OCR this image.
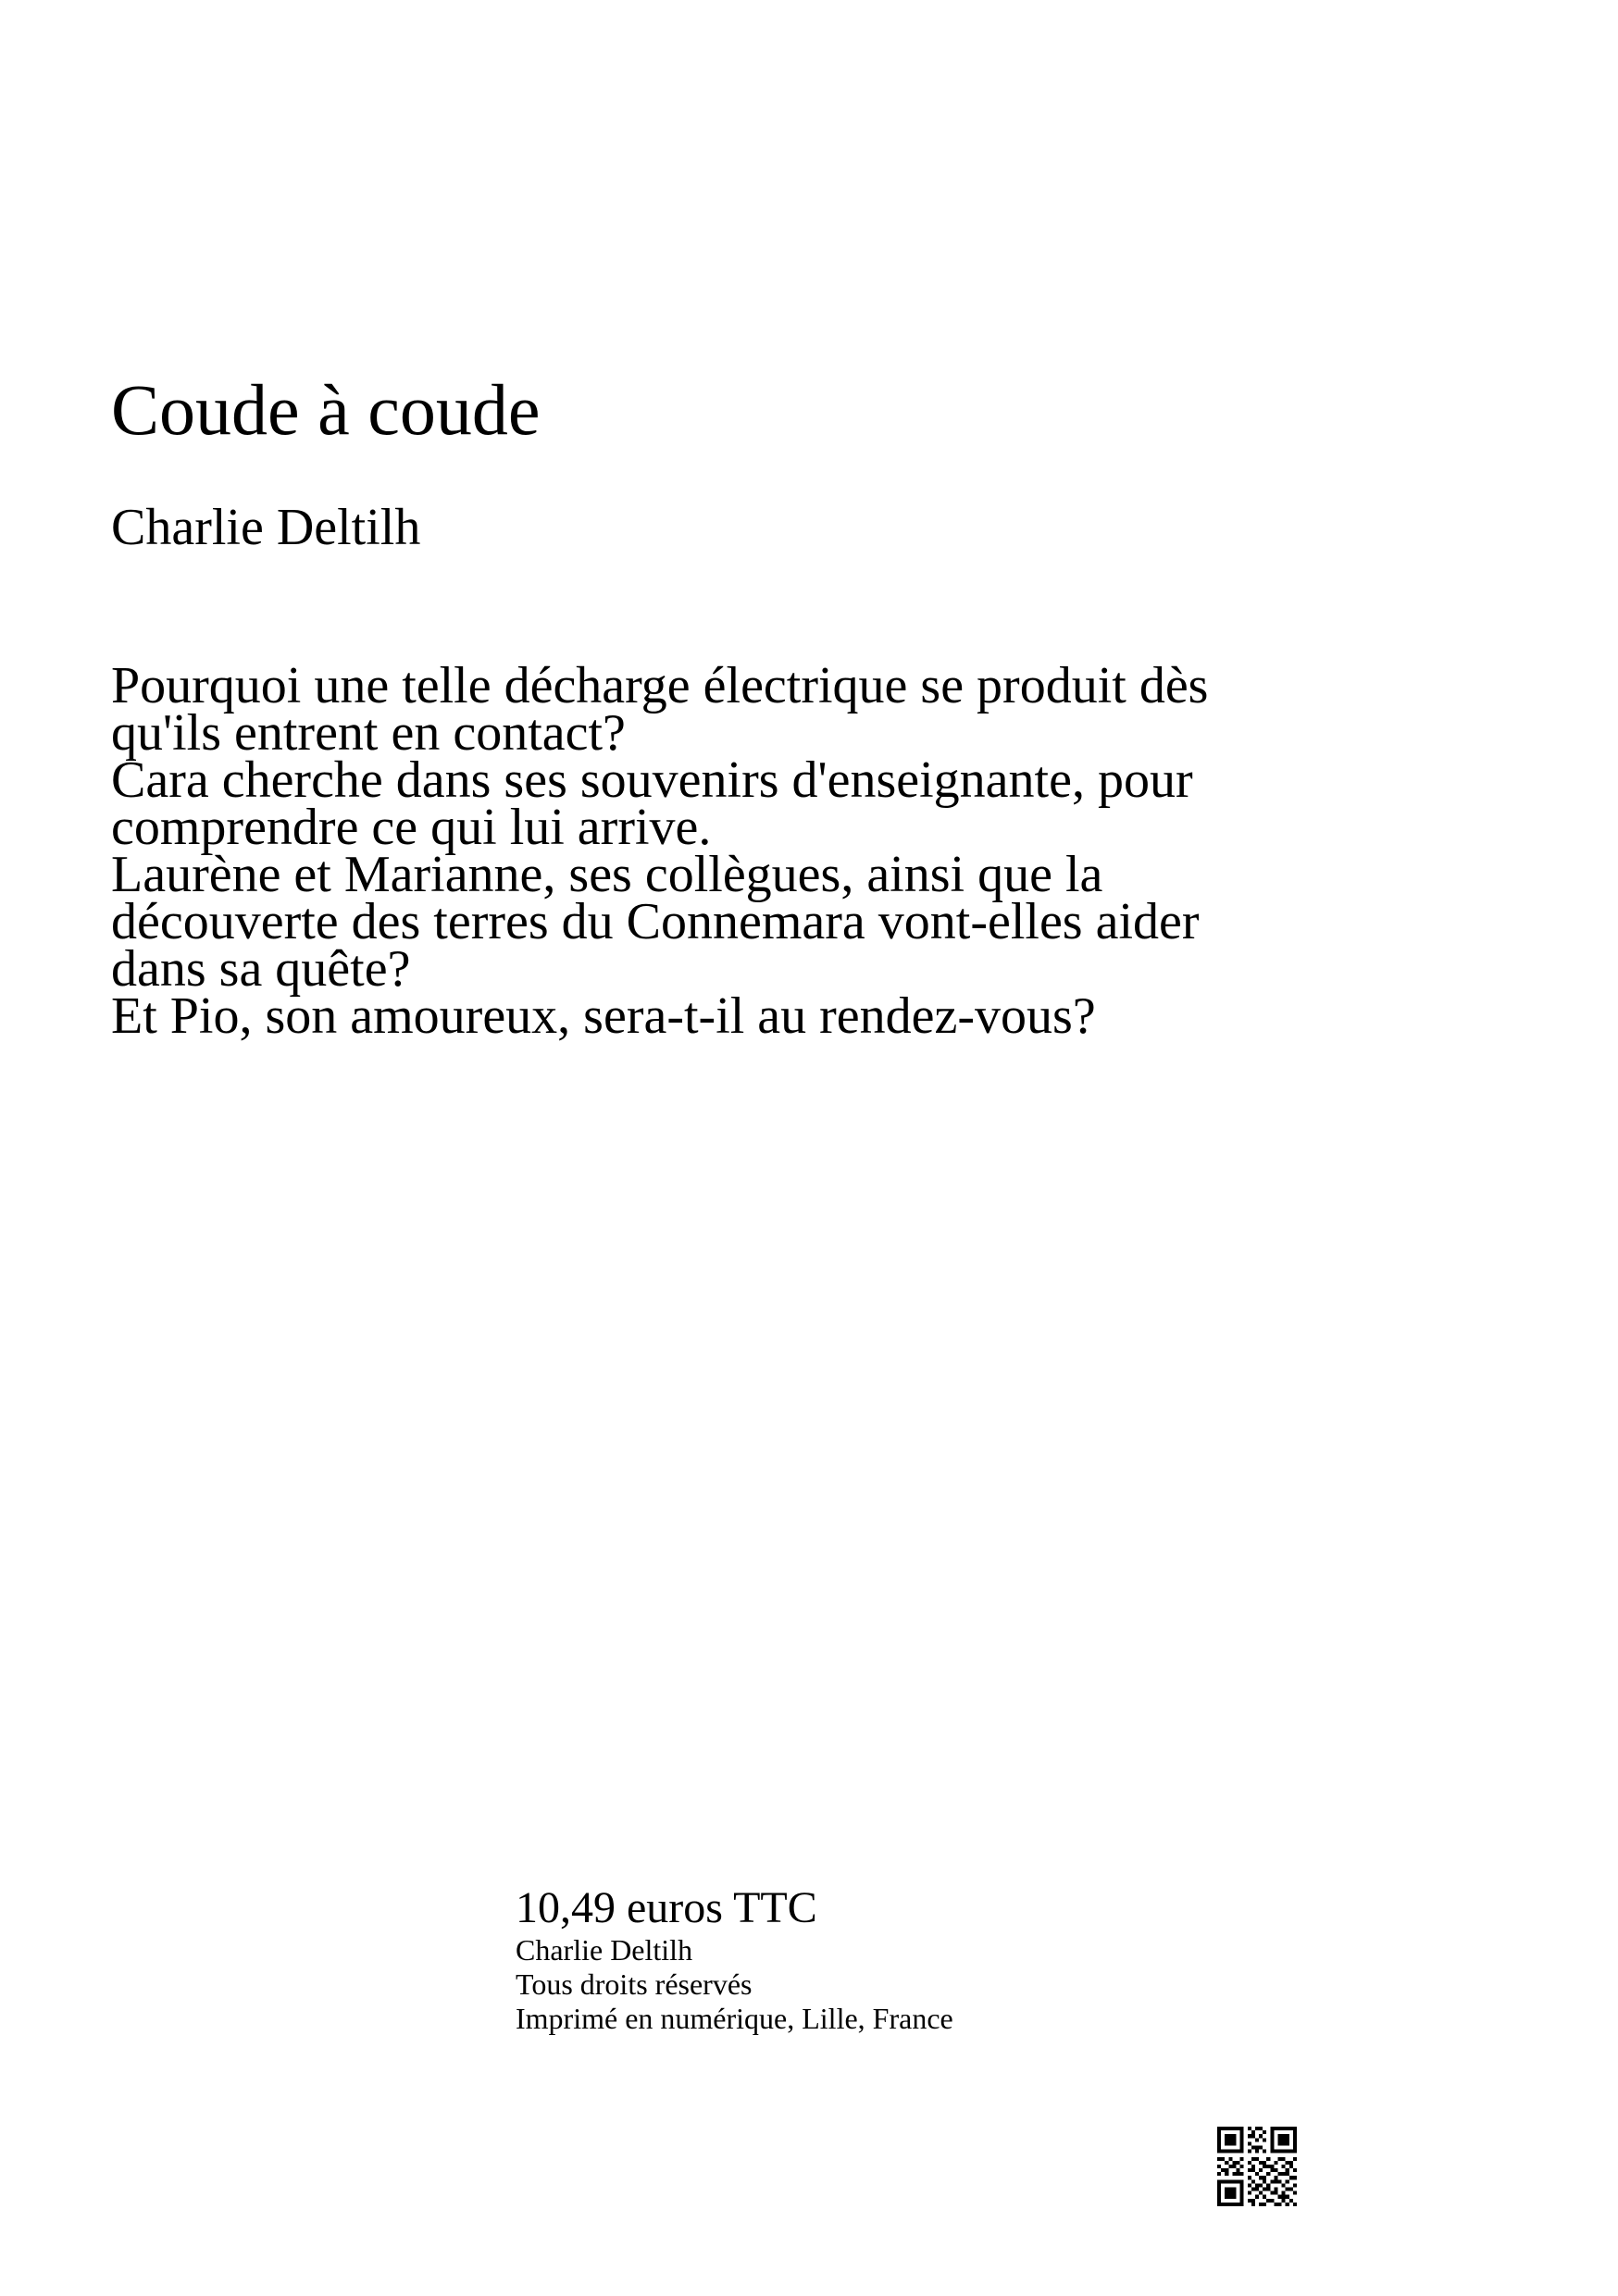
Coude à coude
Charlie Deltilh

Pourquoi une telle décharge électrique se produit dès qu'ils entrent en contact?

Cara cherche dans ses souvenirs d'enseignante, pour comprendre ce qui lui arrive.

Laurène et Marianne, ses collègues, ainsi que la découverte des terres du Connemara vont-elles aider dans sa quête?

Et Pio, son amoureux, sera-t-il au rendez-vous?

10,49 euros TTC
Charlie Deltilh
Tous droits réservés
Imprimé en numérique, Lille, France
